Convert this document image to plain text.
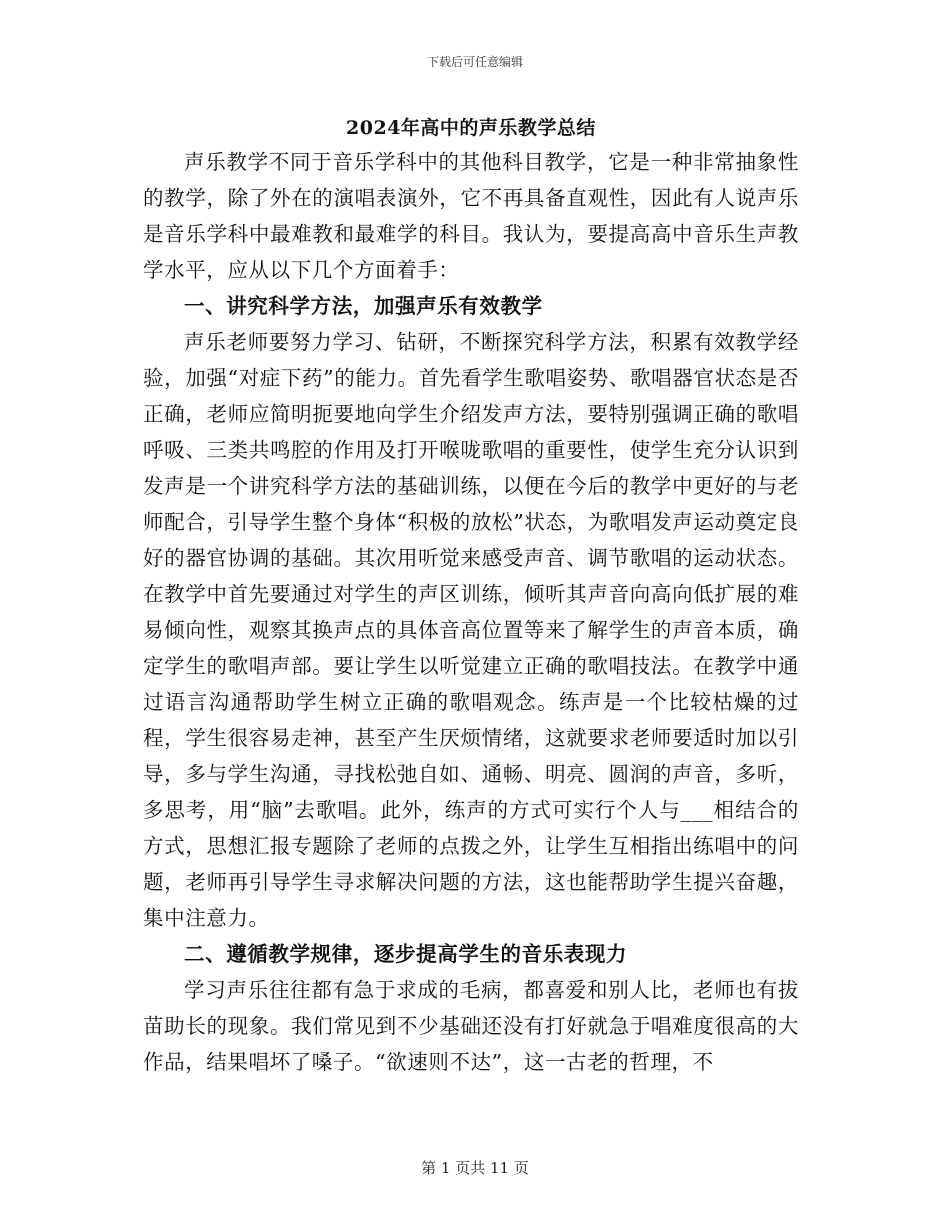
下载后可任意编辑
2024年高中的声乐教学总结

声乐教学不同于音乐学科中的其他科目教学，它是一种非常抽象性的教学，除了外在的演唱表演外，它不再具备直观性，因此有人说声乐是音乐学科中最难教和最难学的科目。我认为，要提高高中音乐生声教学水平，应从以下几个方面着手：

一、讲究科学方法，加强声乐有效教学

声乐老师要努力学习、钻研，不断探究科学方法，积累有效教学经验，加强“对症下药”的能力。首先看学生歌唱姿势、歌唱器官状态是否正确，老师应简明扼要地向学生介绍发声方法，要特别强调正确的歌唱呼吸、三类共鸣腔的作用及打开喉咙歌唱的重要性，使学生充分认识到发声是一个讲究科学方法的基础训练，以便在今后的教学中更好的与老师配合，引导学生整个身体“积极的放松”状态，为歌唱发声运动奠定良好的器官协调的基础。其次用听觉来感受声音、调节歌唱的运动状态。在教学中首先要通过对学生的声区训练，倾听其声音向高向低扩展的难易倾向性，观察其换声点的具体音高位置等来了解学生的声音本质，确定学生的歌唱声部。要让学生以听觉建立正确的歌唱技法。在教学中通过语言沟通帮助学生树立正确的歌唱观念。练声是一个比较枯燥的过程，学生很容易走神，甚至产生厌烦情绪，这就要求老师要适时加以引导，多与学生沟通，寻找松弛自如、通畅、明亮、圆润的声音，多听，多思考，用“脑”去歌唱。此外，练声的方式可实行个人与___相结合的方式，思想汇报专题除了老师的点拨之外，让学生互相指出练唱中的问题，老师再引导学生寻求解决问题的方法，这也能帮助学生提兴奋趣，集中注意力。

二、遵循教学规律，逐步提高学生的音乐表现力

学习声乐往往都有急于求成的毛病，都喜爱和别人比，老师也有拔苗助长的现象。我们常见到不少基础还没有打好就急于唱难度很高的大作品，结果唱坏了嗓子。“欲速则不达”，这一古老的哲理，不

第 1 页共 11 页
